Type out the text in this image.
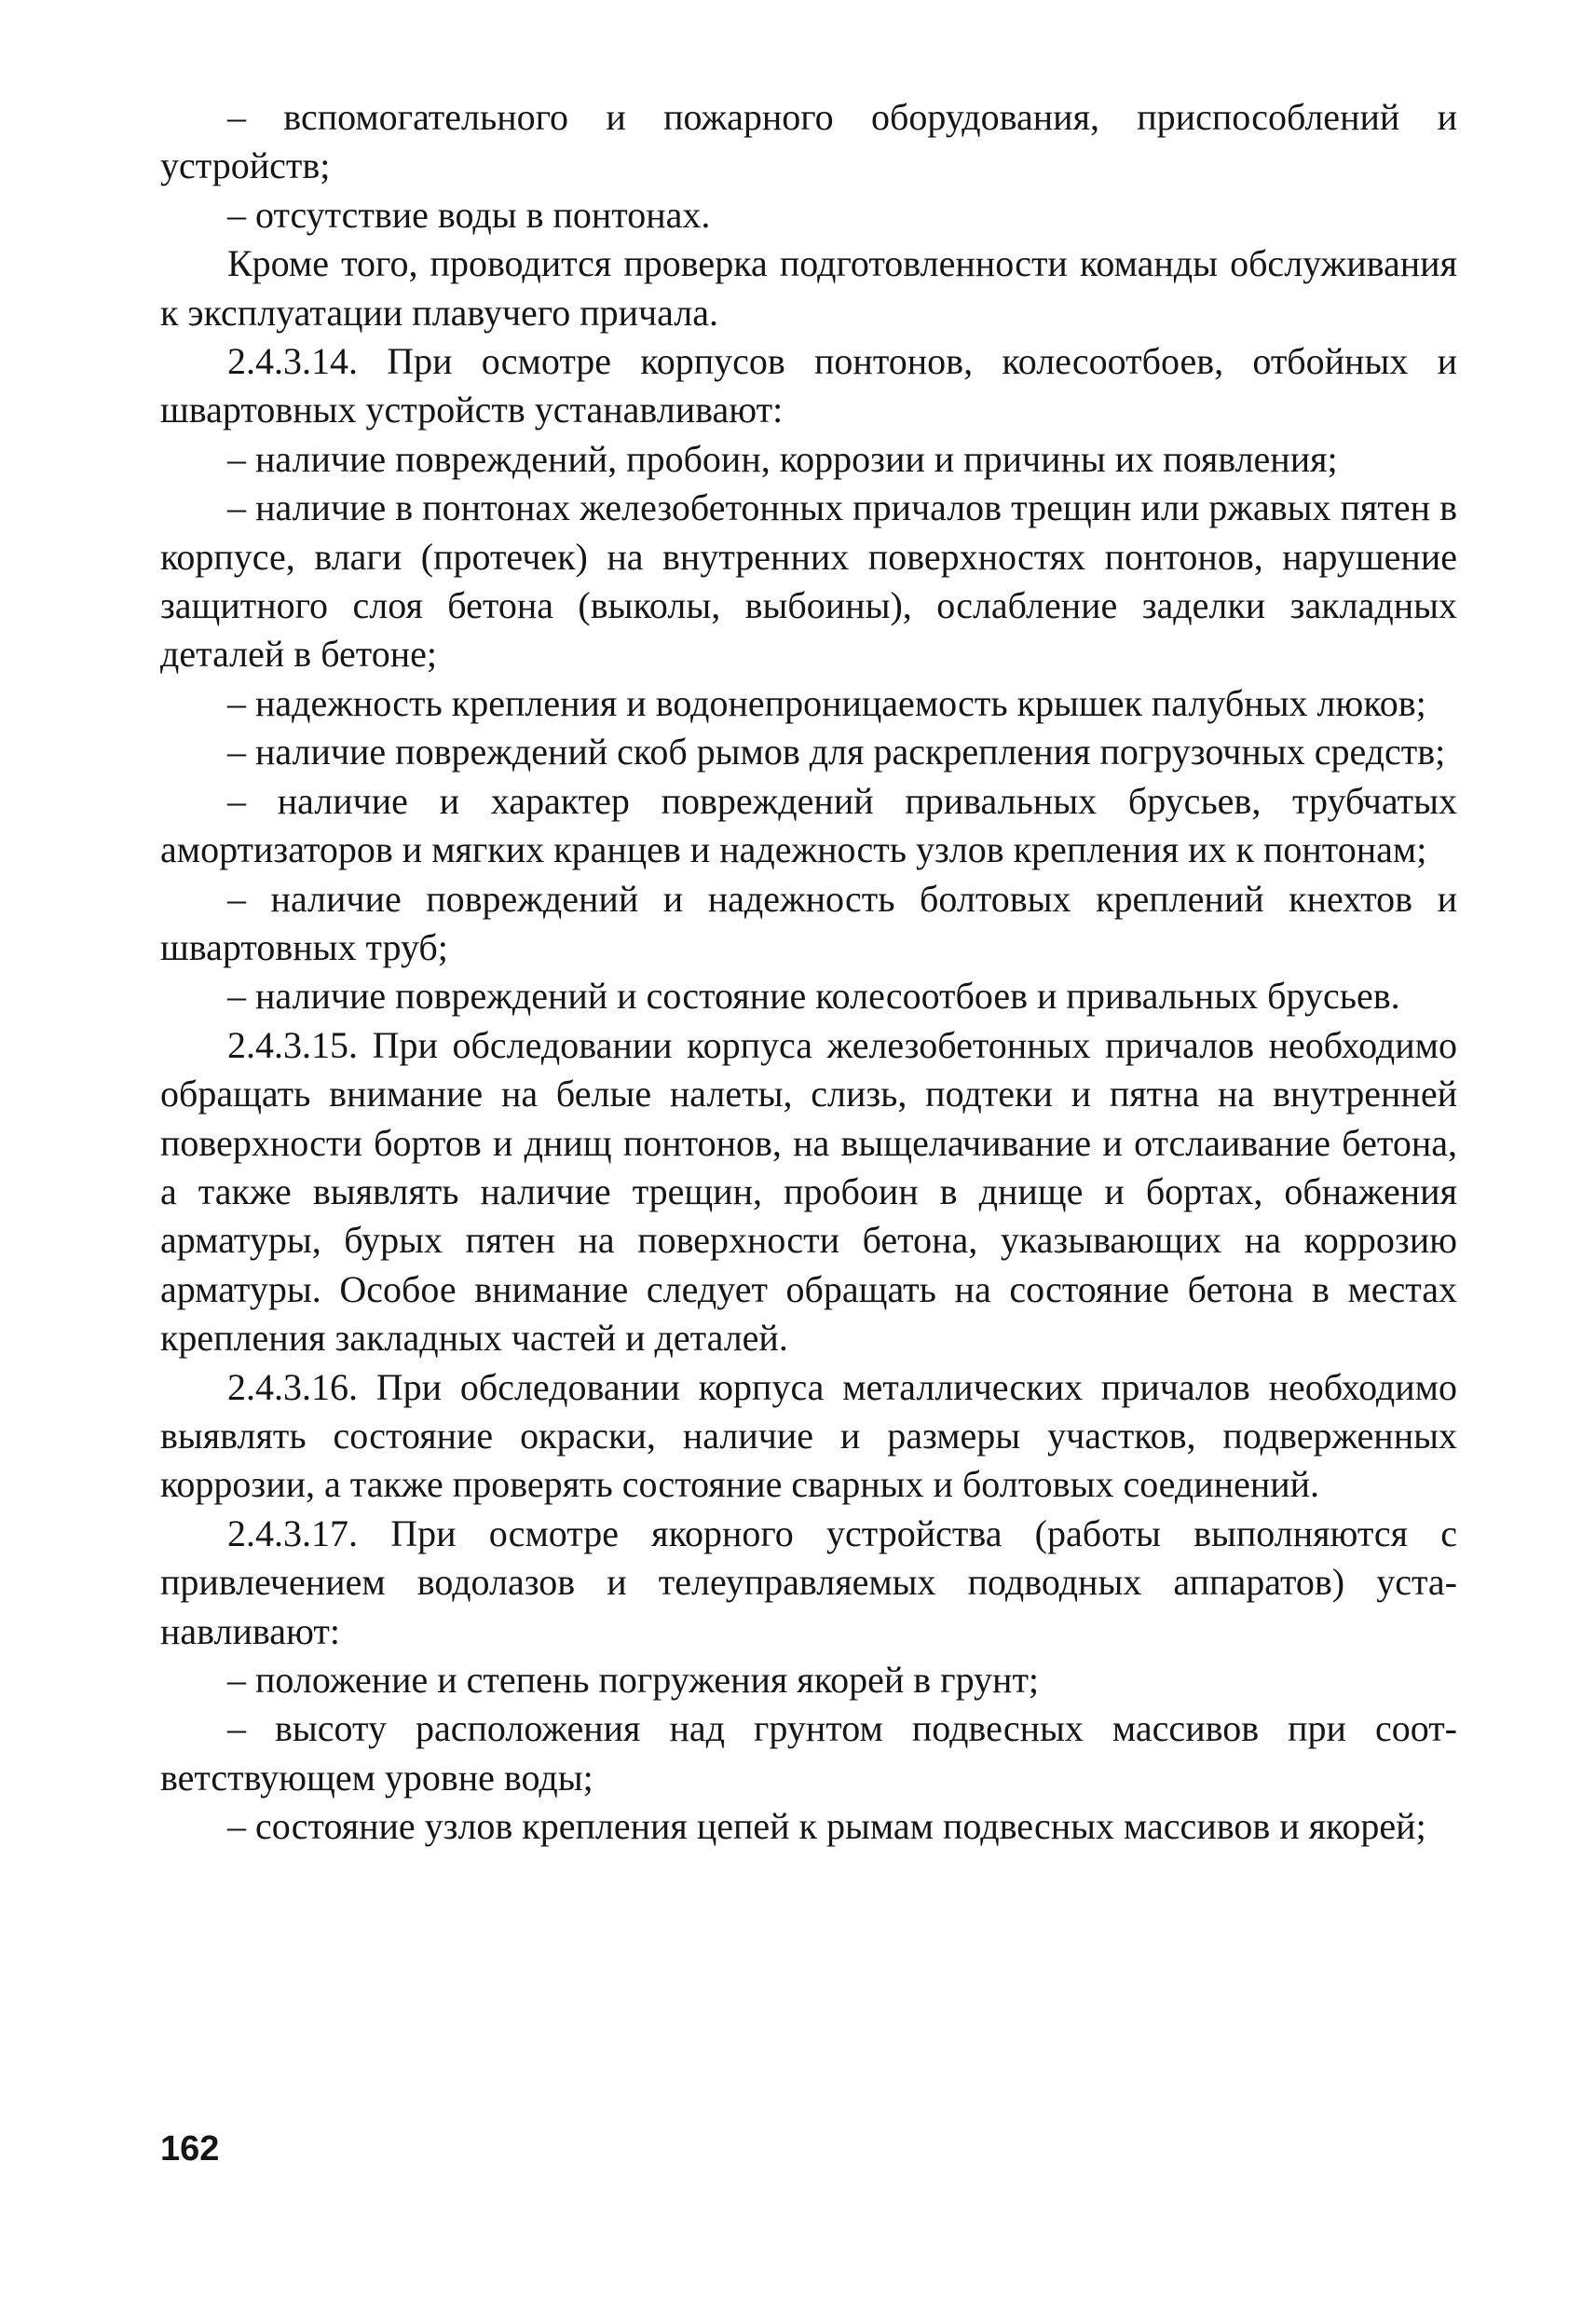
– вспомогательного и пожарного оборудования, приспособлений и устройств;

– отсутствие воды в понтонах.

Кроме того, проводится проверка подготовленности команды обслуживания к эксплуатации плавучего причала.

2.4.3.14. При осмотре корпусов понтонов, колесоотбоев, отбойных и швартовных устройств устанавливают:

– наличие повреждений, пробоин, коррозии и причины их появления;

– наличие в понтонах железобетонных причалов трещин или ржавых пятен в корпусе, влаги (протечек) на внутренних поверхностях понтонов, нарушение защитного слоя бетона (выколы, выбоины), ослабление заделки закладных деталей в бетоне;

– надежность крепления и водонепроницаемость крышек палубных люков;

– наличие повреждений скоб рымов для раскрепления погрузочных средств;

– наличие и характер повреждений привальных брусьев, трубчатых амортизаторов и мягких кранцев и надежность узлов крепления их к понтонам;

– наличие повреждений и надежность болтовых креплений кнехтов и швартовных труб;

– наличие повреждений и состояние колесоотбоев и привальных брусьев.

2.4.3.15. При обследовании корпуса железобетонных причалов необходимо обращать внимание на белые налеты, слизь, подтеки и пятна на внутренней поверхности бортов и днищ понтонов, на выщелачивание и отслаивание бетона, а также выявлять наличие трещин, пробоин в днище и бортах, обнажения арматуры, бурых пятен на поверхности бетона, указывающих на коррозию арматуры. Особое внимание следует обращать на состояние бетона в местах крепления закладных частей и деталей.

2.4.3.16. При обследовании корпуса металлических причалов необходимо выявлять состояние окраски, наличие и размеры участков, подверженных коррозии, а также проверять состояние сварных и болтовых соединений.

2.4.3.17. При осмотре якорного устройства (работы выполняются с привлечением водолазов и телеуправляемых подводных аппаратов) устанавливают:

– положение и степень погружения якорей в грунт;

– высоту расположения над грунтом подвесных массивов при соответствующем уровне воды;

– состояние узлов крепления цепей к рымам подвесных массивов и якорей;

162
